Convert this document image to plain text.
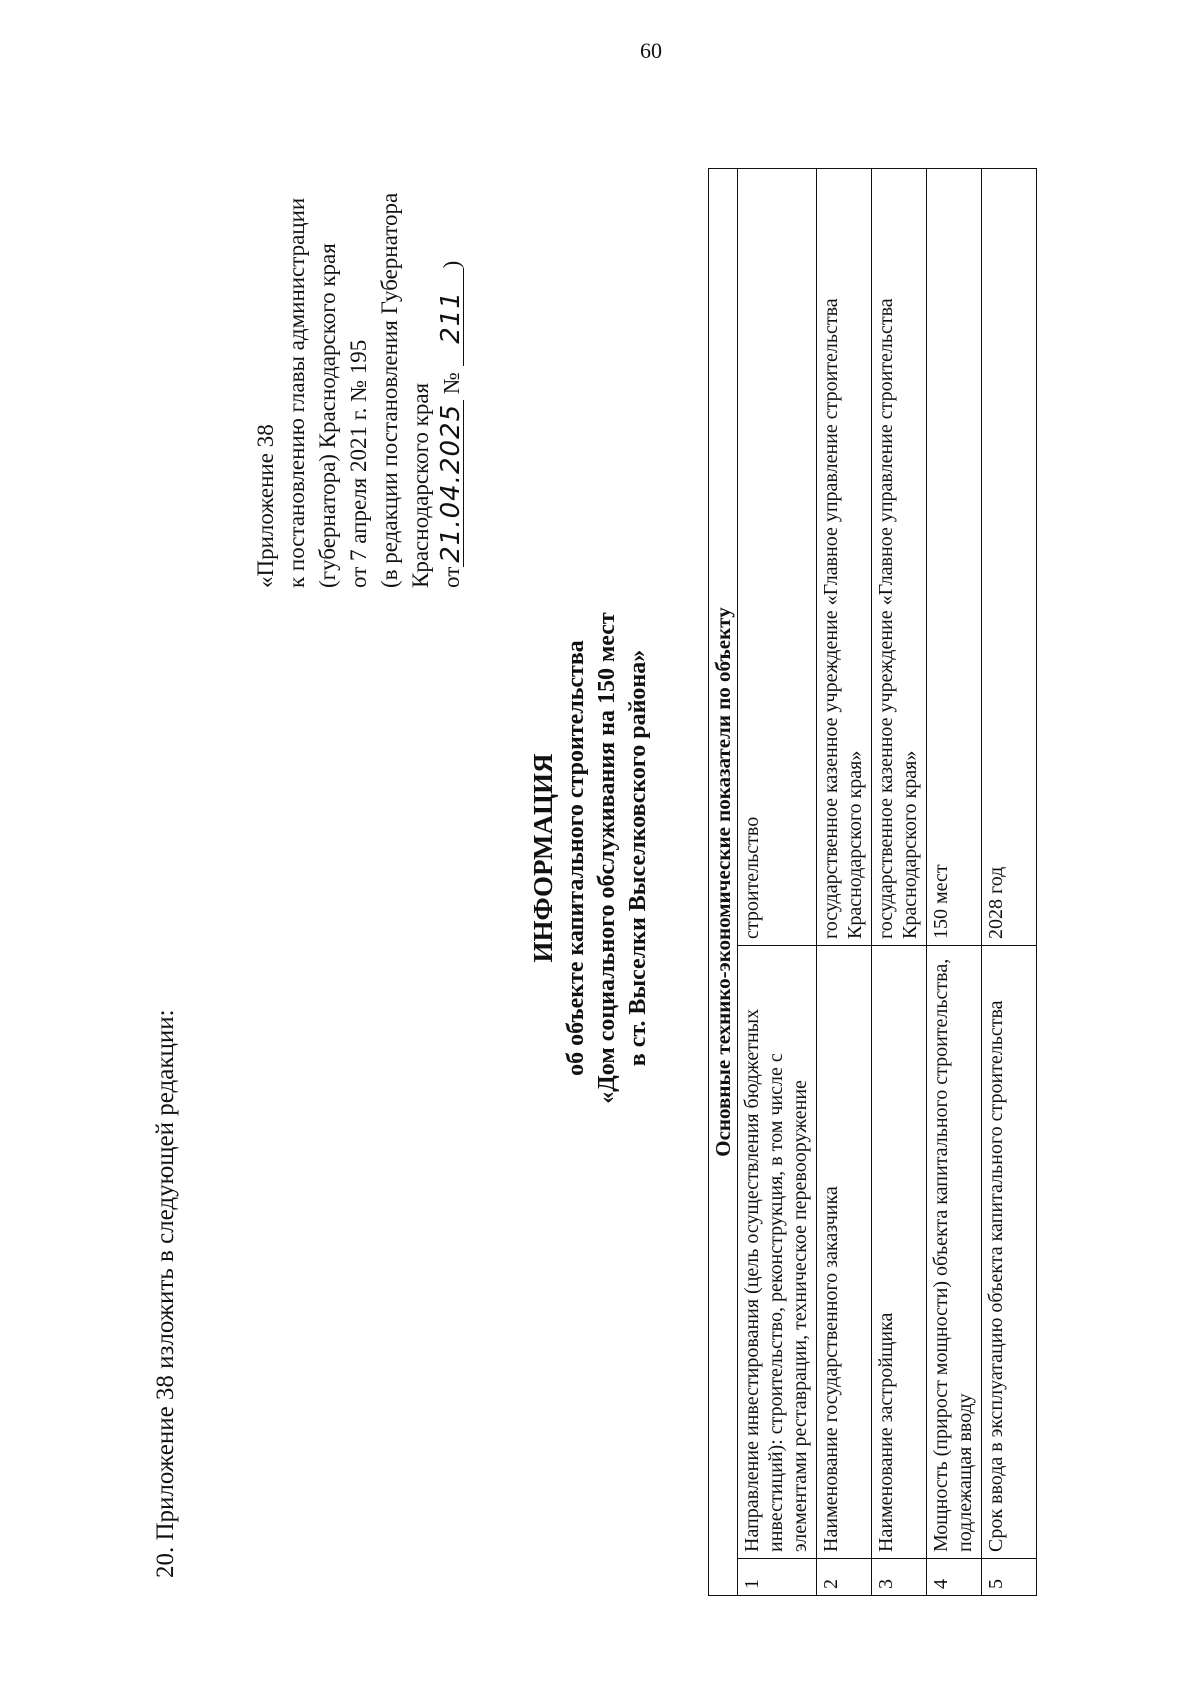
60
20. Приложение 38 изложить в следующей редакции:
«Приложение 38 к постановлению главы администрации (губернатора) Краснодарского края от 7 апреля 2021 г. № 195 (в редакции постановления Губернатора Краснодарского края от21.04.2025 № 211)
ИНФОРМАЦИЯ об объекте капитального строительства «Дом социального обслуживания на 150 мест в ст. Выселки Выселковского района»	Основные технико-экономические показатели по объекту		
1	Направление инвестирования (цель осуществления бюджетных инвестиций): строительство, реконструкция, в том числе с элементами реставрации, техническое перевооружение	строительство
2	Наименование государственного заказчика	государственное казенное учреждение «Главное управление строительства Краснодарского края»
3	Наименование застройщика	государственное казенное учреждение «Главное управление строительства Краснодарского края»
4	Мощность (прирост мощности) объекта капитального строительства, подлежащая вводу	150 мест
5	Срок ввода в эксплуатацию объекта капитального строительства	2028 год
